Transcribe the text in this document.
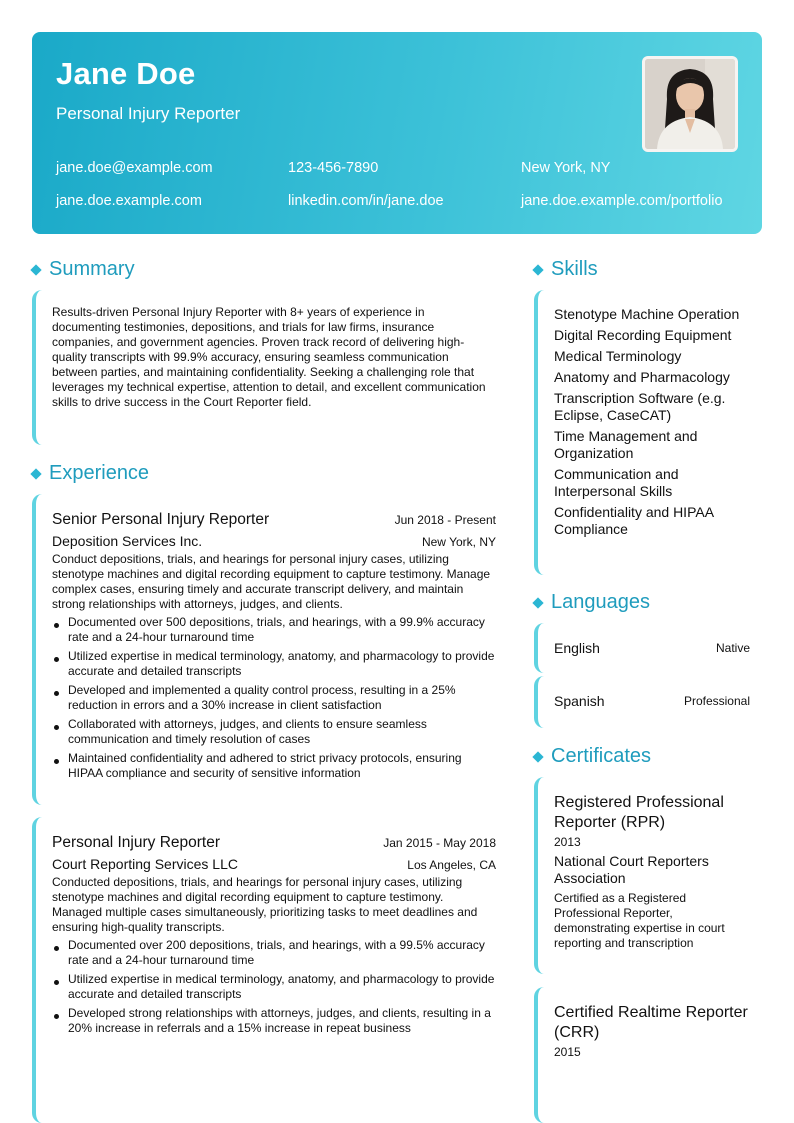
Jane Doe
Personal Injury Reporter
jane.doe@example.com	123-456-7890	New York, NY
jane.doe.example.com	linkedin.com/in/jane.doe	jane.doe.example.com/portfolio
Summary
Results-driven Personal Injury Reporter with 8+ years of experience in documenting testimonies, depositions, and trials for law firms, insurance companies, and government agencies. Proven track record of delivering high-quality transcripts with 99.9% accuracy, ensuring seamless communication between parties, and maintaining confidentiality. Seeking a challenging role that leverages my technical expertise, attention to detail, and excellent communication skills to drive success in the Court Reporter field.
Experience
Senior Personal Injury Reporter	Jun 2018 - Present
Deposition Services Inc.	New York, NY
Conduct depositions, trials, and hearings for personal injury cases, utilizing stenotype machines and digital recording equipment to capture testimony. Manage complex cases, ensuring timely and accurate transcript delivery, and maintain strong relationships with attorneys, judges, and clients.
Documented over 500 depositions, trials, and hearings, with a 99.9% accuracy rate and a 24-hour turnaround time
Utilized expertise in medical terminology, anatomy, and pharmacology to provide accurate and detailed transcripts
Developed and implemented a quality control process, resulting in a 25% reduction in errors and a 30% increase in client satisfaction
Collaborated with attorneys, judges, and clients to ensure seamless communication and timely resolution of cases
Maintained confidentiality and adhered to strict privacy protocols, ensuring HIPAA compliance and security of sensitive information
Personal Injury Reporter	Jan 2015 - May 2018
Court Reporting Services LLC	Los Angeles, CA
Conducted depositions, trials, and hearings for personal injury cases, utilizing stenotype machines and digital recording equipment to capture testimony. Managed multiple cases simultaneously, prioritizing tasks to meet deadlines and ensuring high-quality transcripts.
Documented over 200 depositions, trials, and hearings, with a 99.5% accuracy rate and a 24-hour turnaround time
Utilized expertise in medical terminology, anatomy, and pharmacology to provide accurate and detailed transcripts
Developed strong relationships with attorneys, judges, and clients, resulting in a 20% increase in referrals and a 15% increase in repeat business
Skills
Stenotype Machine Operation
Digital Recording Equipment
Medical Terminology
Anatomy and Pharmacology
Transcription Software (e.g. Eclipse, CaseCAT)
Time Management and Organization
Communication and Interpersonal Skills
Confidentiality and HIPAA Compliance
Languages
English	Native
Spanish	Professional
Certificates
Registered Professional Reporter (RPR)
2013
National Court Reporters Association
Certified as a Registered Professional Reporter, demonstrating expertise in court reporting and transcription
Certified Realtime Reporter (CRR)
2015
